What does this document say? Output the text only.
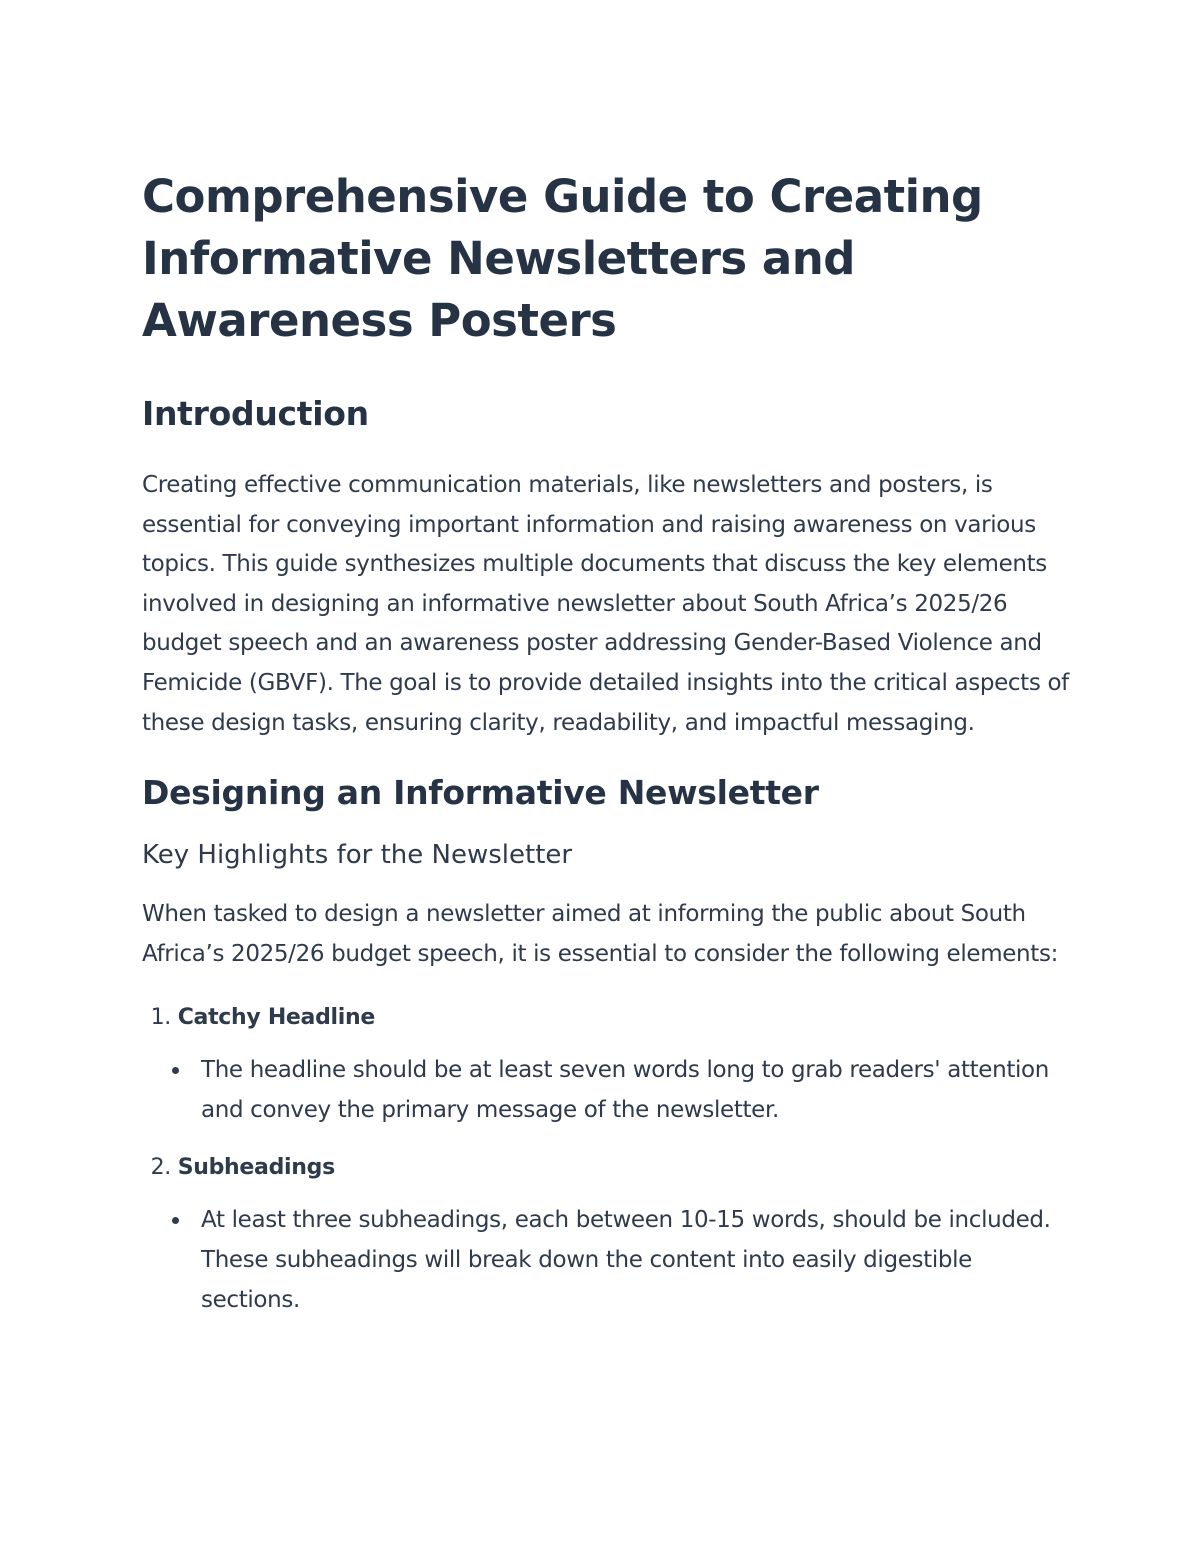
Comprehensive Guide to Creating Informative Newsletters and Awareness Posters
Introduction

Creating effective communication materials, like newsletters and posters, is essential for conveying important information and raising awareness on various topics. This guide synthesizes multiple documents that discuss the key elements involved in designing an informative newsletter about South Africa’s 2025/26 budget speech and an awareness poster addressing Gender-Based Violence and Femicide (GBVF). The goal is to provide detailed insights into the critical aspects of these design tasks, ensuring clarity, readability, and impactful messaging.

Designing an Informative Newsletter
Key Highlights for the Newsletter

When tasked to design a newsletter aimed at informing the public about South Africa’s 2025/26 budget speech, it is essential to consider the following elements:

1. Catchy Headline
The headline should be at least seven words long to grab readers' attention and convey the primary message of the newsletter.
2. Subheadings
At least three subheadings, each between 10-15 words, should be included. These subheadings will break down the content into easily digestible sections.
